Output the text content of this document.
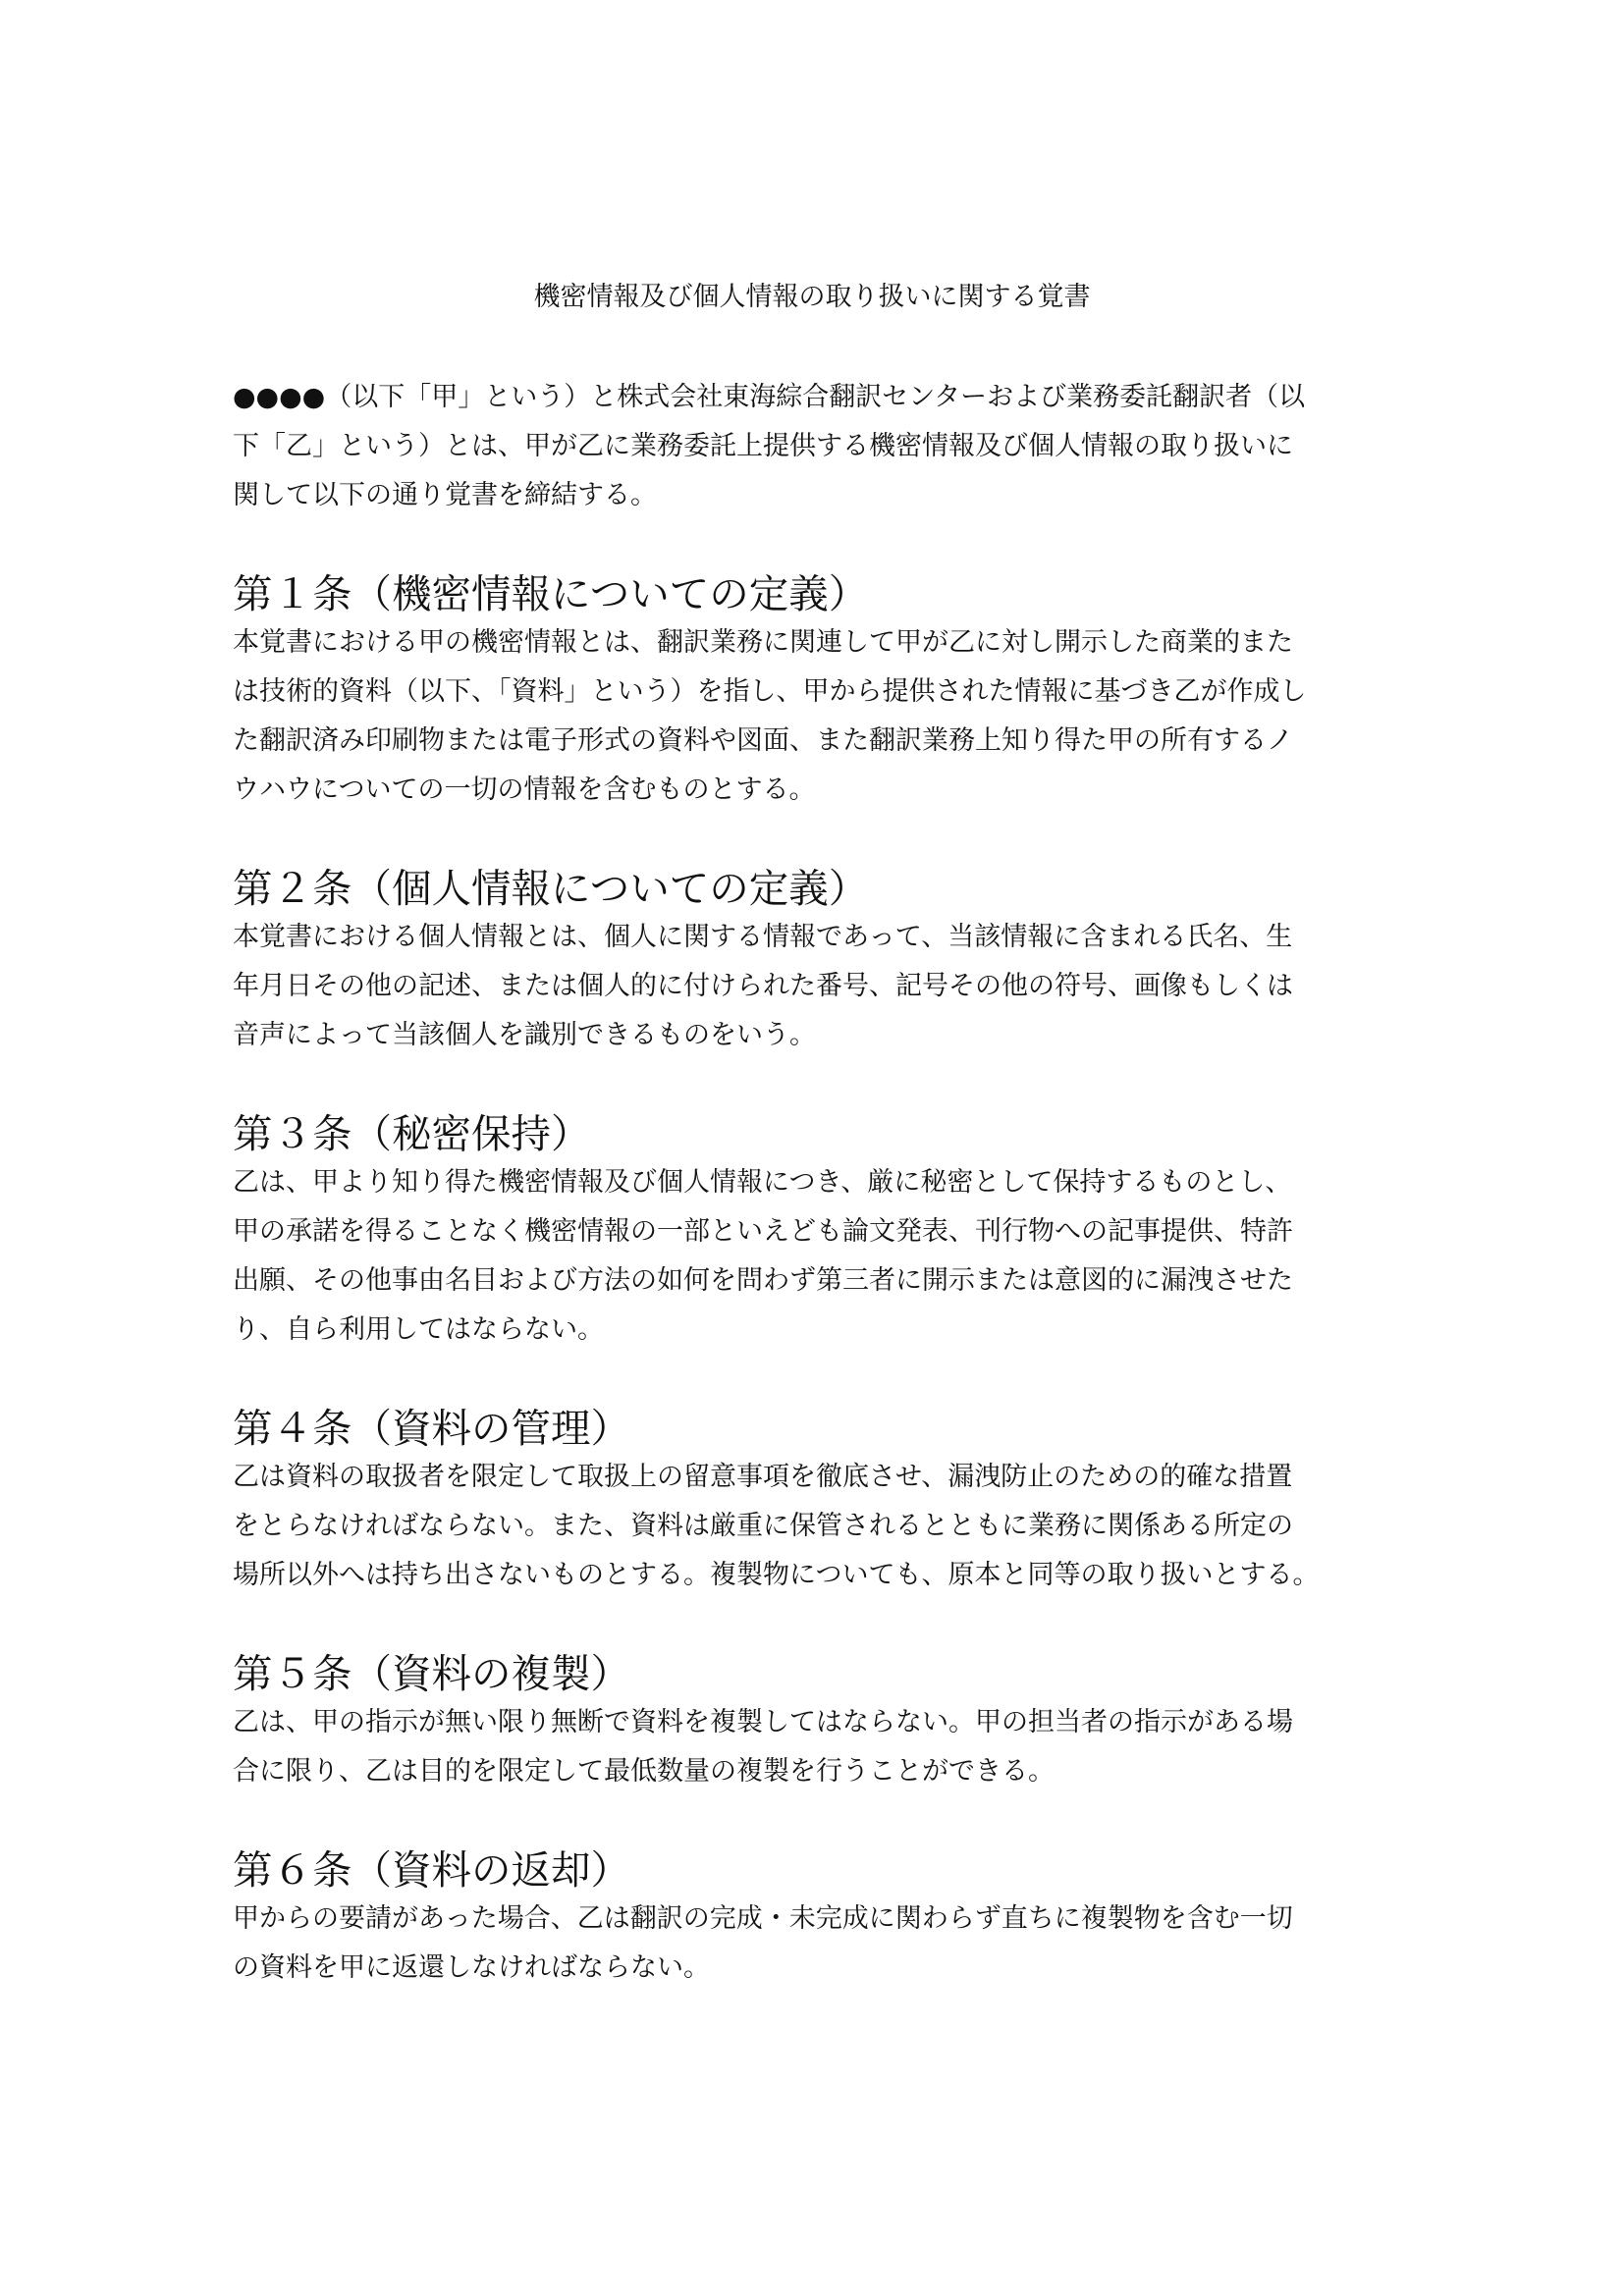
機密情報及び個人情報の取り扱いに関する覚書

●●●●（以下「甲」という）と株式会社東海綜合翻訳センターおよび業務委託翻訳者（以
下「乙」という）とは、甲が乙に業務委託上提供する機密情報及び個人情報の取り扱いに
関して以下の通り覚書を締結する。

第１条（機密情報についての定義）

本覚書における甲の機密情報とは、翻訳業務に関連して甲が乙に対し開示した商業的また
は技術的資料（以下、「資料」という）を指し、甲から提供された情報に基づき乙が作成し
た翻訳済み印刷物または電子形式の資料や図面、また翻訳業務上知り得た甲の所有するノ
ウハウについての一切の情報を含むものとする。

第２条（個人情報についての定義）

本覚書における個人情報とは、個人に関する情報であって、当該情報に含まれる氏名、生
年月日その他の記述、または個人的に付けられた番号、記号その他の符号、画像もしくは
音声によって当該個人を識別できるものをいう。

第３条（秘密保持）

乙は、甲より知り得た機密情報及び個人情報につき、厳に秘密として保持するものとし、
甲の承諾を得ることなく機密情報の一部といえども論文発表、刊行物への記事提供、特許
出願、その他事由名目および方法の如何を問わず第三者に開示または意図的に漏洩させた
り、自ら利用してはならない。

第４条（資料の管理）

乙は資料の取扱者を限定して取扱上の留意事項を徹底させ、漏洩防止のための的確な措置
をとらなければならない。また、資料は厳重に保管されるとともに業務に関係ある所定の
場所以外へは持ち出さないものとする。複製物についても、原本と同等の取り扱いとする。

第５条（資料の複製）

乙は、甲の指示が無い限り無断で資料を複製してはならない。甲の担当者の指示がある場
合に限り、乙は目的を限定して最低数量の複製を行うことができる。

第６条（資料の返却）

甲からの要請があった場合、乙は翻訳の完成・未完成に関わらず直ちに複製物を含む一切
の資料を甲に返還しなければならない。
